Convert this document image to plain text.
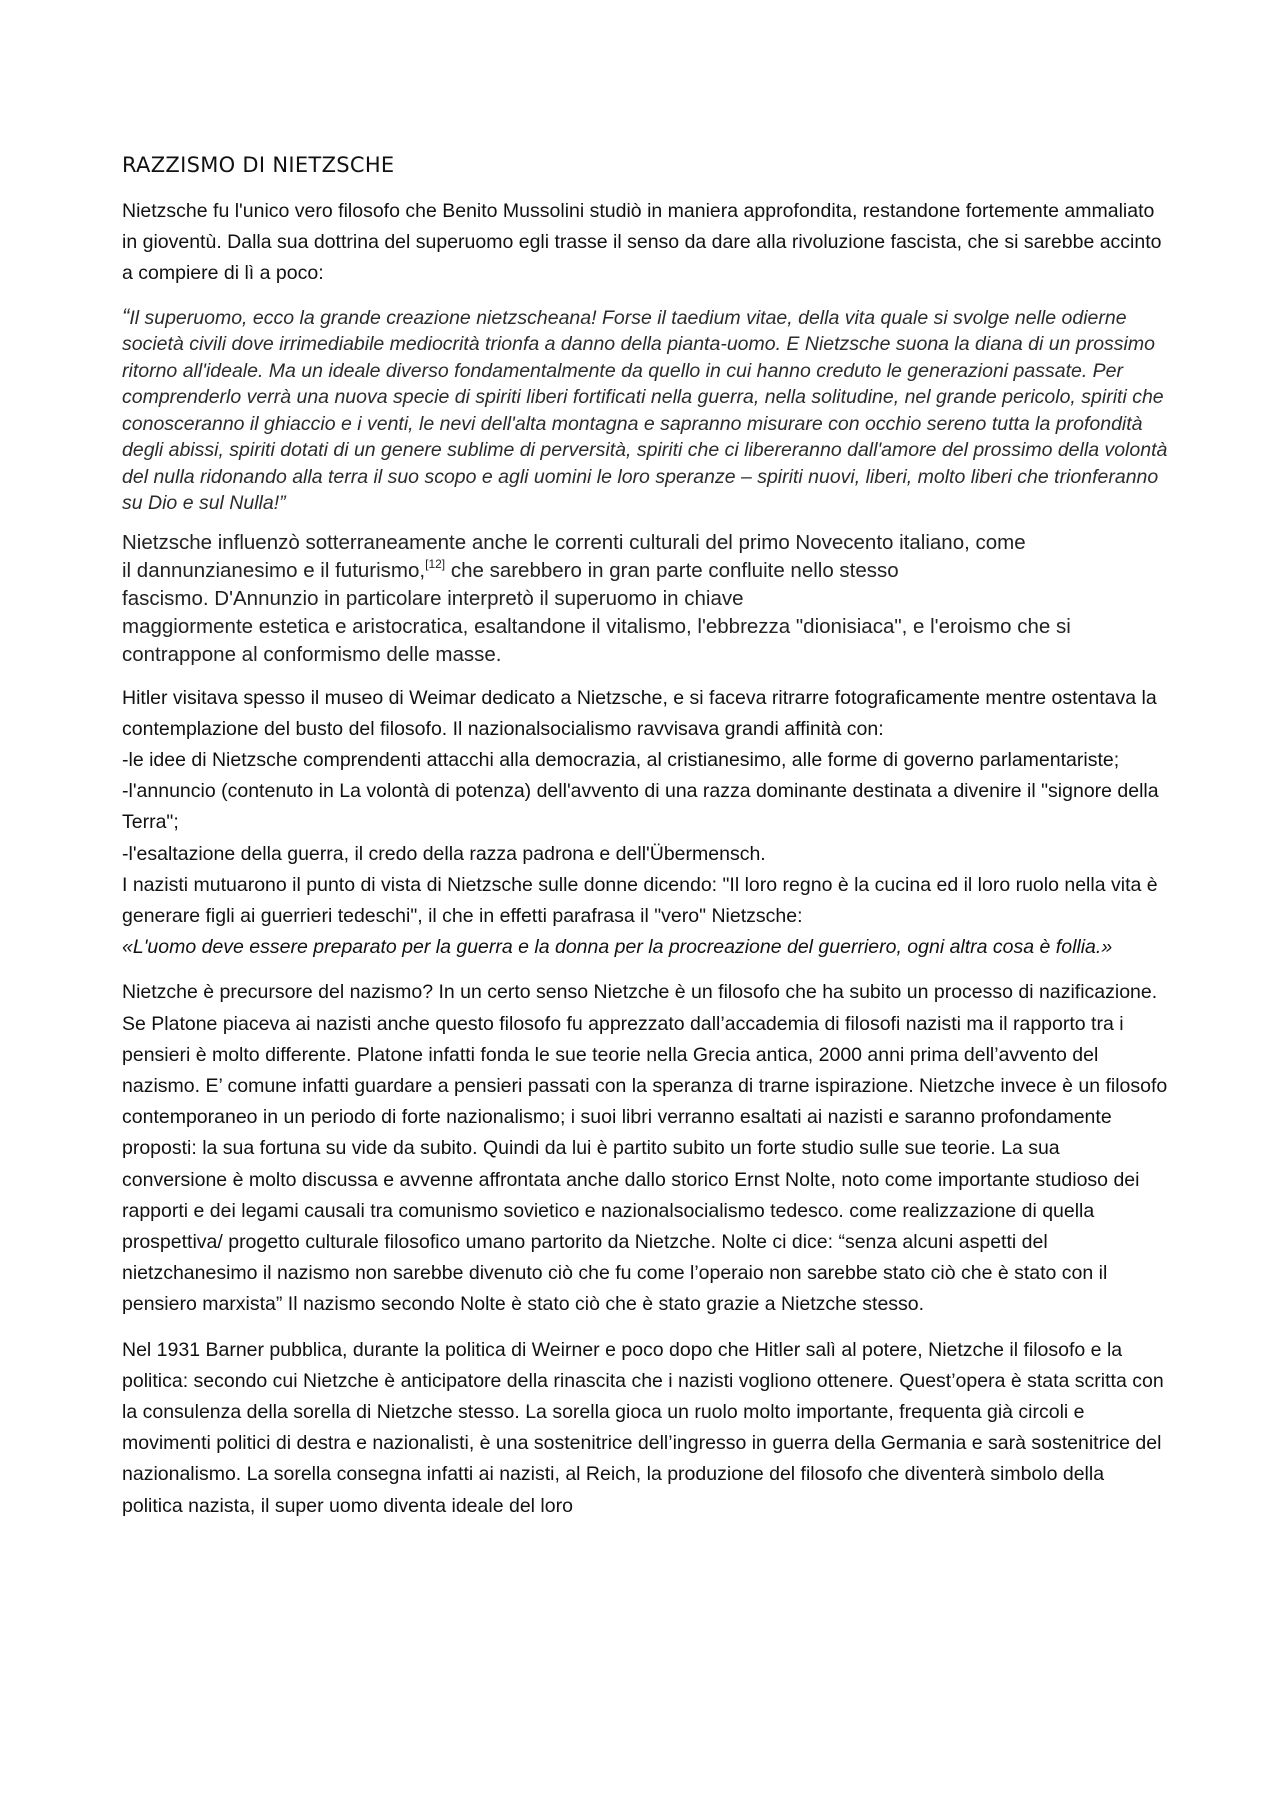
RAZZISMO DI NIETZSCHE

Nietzsche fu l'unico vero filosofo che Benito Mussolini studiò in maniera approfondita, restandone fortemente ammaliato in gioventù. Dalla sua dottrina del superuomo egli trasse il senso da dare alla rivoluzione fascista, che si sarebbe accinto a compiere di lì a poco:

“Il superuomo, ecco la grande creazione nietzscheana! Forse il taedium vitae, della vita quale si svolge nelle odierne società civili dove irrimediabile mediocrità trionfa a danno della pianta-uomo. E Nietzsche suona la diana di un prossimo ritorno all'ideale. Ma un ideale diverso fondamentalmente da quello in cui hanno creduto le generazioni passate. Per comprenderlo verrà una nuova specie di spiriti liberi fortificati nella guerra, nella solitudine, nel grande pericolo, spiriti che conosceranno il ghiaccio e i venti, le nevi dell'alta montagna e sapranno misurare con occhio sereno tutta la profondità degli abissi, spiriti dotati di un genere sublime di perversità, spiriti che ci libereranno dall'amore del prossimo della volontà del nulla ridonando alla terra il suo scopo e agli uomini le loro speranze – spiriti nuovi, liberi, molto liberi che trionferanno su Dio e sul Nulla!”

Nietzsche influenzò sotterraneamente anche le correnti culturali del primo Novecento italiano, come
il dannunzianesimo e il futurismo,[12] che sarebbero in gran parte confluite nello stesso
fascismo. D'Annunzio in particolare interpretò il superuomo in chiave
maggiormente estetica e aristocratica, esaltandone il vitalismo, l'ebbrezza "dionisiaca", e l'eroismo che si contrappone al conformismo delle masse.

Hitler visitava spesso il museo di Weimar dedicato a Nietzsche, e si faceva ritrarre fotograficamente mentre ostentava la contemplazione del busto del filosofo. Il nazionalsocialismo ravvisava grandi affinità con:
-le idee di Nietzsche comprendenti attacchi alla democrazia, al cristianesimo, alle forme di governo parlamentariste;
-l'annuncio (contenuto in La volontà di potenza) dell'avvento di una razza dominante destinata a divenire il "signore della Terra";
-l'esaltazione della guerra, il credo della razza padrona e dell'Übermensch.
I nazisti mutuarono il punto di vista di Nietzsche sulle donne dicendo: "Il loro regno è la cucina ed il loro ruolo nella vita è generare figli ai guerrieri tedeschi", il che in effetti parafrasa il "vero" Nietzsche:
«L'uomo deve essere preparato per la guerra e la donna per la procreazione del guerriero, ogni altra cosa è follia.»

Nietzche è precursore del nazismo? In un certo senso Nietzche è un filosofo che ha subito un processo di nazificazione. Se Platone piaceva ai nazisti anche questo filosofo fu apprezzato dall’accademia di filosofi nazisti ma il rapporto tra i pensieri è molto differente. Platone infatti fonda le sue teorie nella Grecia antica, 2000 anni prima dell’avvento del nazismo. E’ comune infatti guardare a pensieri passati con la speranza di trarne ispirazione. Nietzche invece è un filosofo contemporaneo in un periodo di forte nazionalismo; i suoi libri verranno esaltati ai nazisti e saranno profondamente proposti: la sua fortuna su vide da subito. Quindi da lui è partito subito un forte studio sulle sue teorie. La sua conversione è molto discussa e avvenne affrontata anche dallo storico Ernst Nolte, noto come importante studioso dei rapporti e dei legami causali tra comunismo sovietico e nazionalsocialismo tedesco. come realizzazione di quella prospettiva/ progetto culturale filosofico umano partorito da Nietzche. Nolte ci dice: “senza alcuni aspetti del nietzchanesimo il nazismo non sarebbe divenuto ciò che fu come l’operaio non sarebbe stato ciò che è stato con il pensiero marxista” Il nazismo secondo Nolte è stato ciò che è stato grazie a Nietzche stesso.

Nel 1931 Barner pubblica, durante la politica di Weirner e poco dopo che Hitler salì al potere, Nietzche il filosofo e la politica: secondo cui Nietzche è anticipatore della rinascita che i nazisti vogliono ottenere. Quest’opera è stata scritta con la consulenza della sorella di Nietzche stesso. La sorella gioca un ruolo molto importante, frequenta già circoli e movimenti politici di destra e nazionalisti, è una sostenitrice dell’ingresso in guerra della Germania e sarà sostenitrice del nazionalismo. La sorella consegna infatti ai nazisti, al Reich, la produzione del filosofo che diventerà simbolo della politica nazista, il super uomo diventa ideale del loro
